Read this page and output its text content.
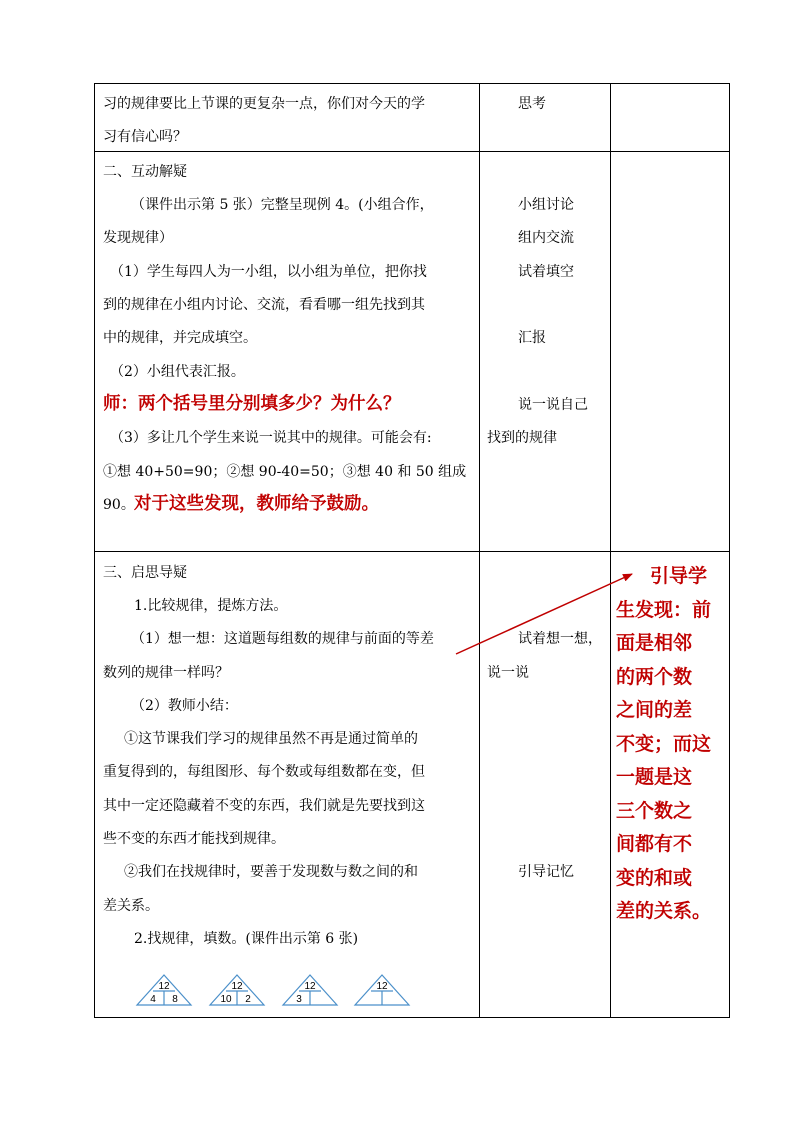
习的规律要比上节课的更复杂一点，你们对今天的学
习有信心吗？
思考
二、互动解疑
（课件出示第 5 张）完整呈现例 4。(小组合作，
发现规律）
（1）学生每四人为一小组，以小组为单位，把你找
到的规律在小组内讨论、交流，看看哪一组先找到其
中的规律，并完成填空。
（2）小组代表汇报。
师：两个括号里分别填多少？为什么？
（3）多让几个学生来说一说其中的规律。可能会有:
①想 40+50=90；②想 90-40=50；③想 40 和 50 组成
90。 对于这些发现，教师给予鼓励。
小组讨论
组内交流
试着填空
汇报
说一说自己
找到的规律
三、启思导疑
1.比较规律，提炼方法。
（1）想一想：这道题每组数的规律与前面的等差
数列的规律一样吗？
（2）教师小结：
①这节课我们学习的规律虽然不再是通过简单的
重复得到的，每组图形、每个数或每组数都在变，但
其中一定还隐藏着不变的东西，我们就是先要找到这
些不变的东西才能找到规律。
②我们在找规律时，要善于发现数与数之间的和
差关系。
2.找规律，填数。(课件出示第 6 张)
试着想一想，
说一说
引导记忆
引导学
生发现：前
面是相邻
的两个数
之间的差
不变；而这
一题是这
三个数之
间都有不
变的和或
差的关系。
12
4 8
12
10 2
12
3
12
